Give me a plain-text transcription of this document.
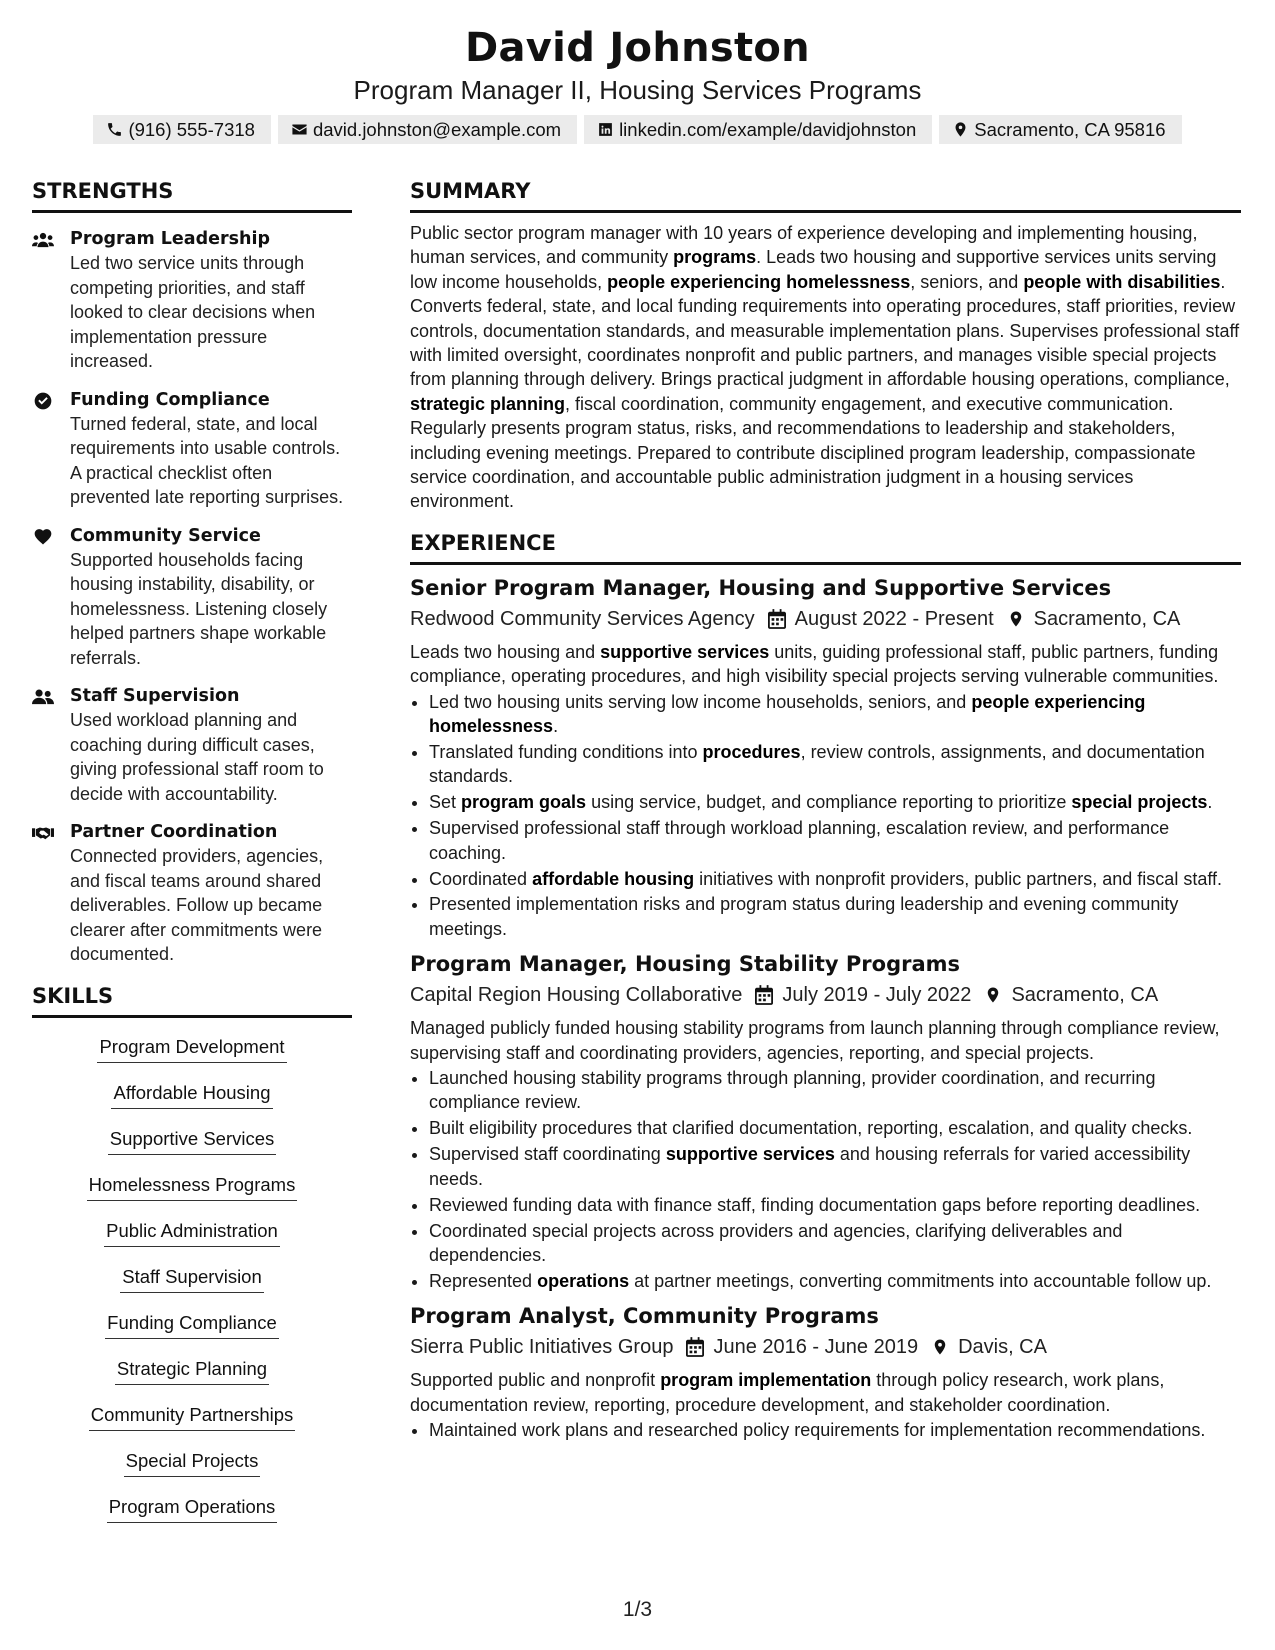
David Johnston
Program Manager II, Housing Services Programs
(916) 555-7318	david.johnston@example.com	linkedin.com/example/davidjohnston	Sacramento, CA 95816
STRENGTHS
Program Leadership
Led two service units through competing priorities, and staff looked to clear decisions when implementation pressure increased.
Funding Compliance
Turned federal, state, and local requirements into usable controls. A practical checklist often prevented late reporting surprises.
Community Service
Supported households facing housing instability, disability, or homelessness. Listening closely helped partners shape workable referrals.
Staff Supervision
Used workload planning and coaching during difficult cases, giving professional staff room to decide with accountability.
Partner Coordination
Connected providers, agencies, and fiscal teams around shared deliverables. Follow up became clearer after commitments were documented.
SKILLS
Program Development
Affordable Housing
Supportive Services
Homelessness Programs
Public Administration
Staff Supervision
Funding Compliance
Strategic Planning
Community Partnerships
Special Projects
Program Operations
SUMMARY
Public sector program manager with 10 years of experience developing and implementing housing, human services, and community programs. Leads two housing and supportive services units serving low income households, people experiencing homelessness, seniors, and people with disabilities. Converts federal, state, and local funding requirements into operating procedures, staff priorities, review controls, documentation standards, and measurable implementation plans. Supervises professional staff with limited oversight, coordinates nonprofit and public partners, and manages visible special projects from planning through delivery. Brings practical judgment in affordable housing operations, compliance, strategic planning, fiscal coordination, community engagement, and executive communication. Regularly presents program status, risks, and recommendations to leadership and stakeholders, including evening meetings. Prepared to contribute disciplined program leadership, compassionate service coordination, and accountable public administration judgment in a housing services environment.
EXPERIENCE
Senior Program Manager, Housing and Supportive Services
Redwood Community Services Agency August 2022 - Present Sacramento, CA
Leads two housing and supportive services units, guiding professional staff, public partners, funding compliance, operating procedures, and high visibility special projects serving vulnerable communities.
• Led two housing units serving low income households, seniors, and people experiencing homelessness.
• Translated funding conditions into procedures, review controls, assignments, and documentation standards.
• Set program goals using service, budget, and compliance reporting to prioritize special projects.
• Supervised professional staff through workload planning, escalation review, and performance coaching.
• Coordinated affordable housing initiatives with nonprofit providers, public partners, and fiscal staff.
• Presented implementation risks and program status during leadership and evening community meetings.
Program Manager, Housing Stability Programs
Capital Region Housing Collaborative July 2019 - July 2022 Sacramento, CA
Managed publicly funded housing stability programs from launch planning through compliance review, supervising staff and coordinating providers, agencies, reporting, and special projects.
• Launched housing stability programs through planning, provider coordination, and recurring compliance review.
• Built eligibility procedures that clarified documentation, reporting, escalation, and quality checks.
• Supervised staff coordinating supportive services and housing referrals for varied accessibility needs.
• Reviewed funding data with finance staff, finding documentation gaps before reporting deadlines.
• Coordinated special projects across providers and agencies, clarifying deliverables and dependencies.
• Represented operations at partner meetings, converting commitments into accountable follow up.
Program Analyst, Community Programs
Sierra Public Initiatives Group June 2016 - June 2019 Davis, CA
Supported public and nonprofit program implementation through policy research, work plans, documentation review, reporting, procedure development, and stakeholder coordination.
• Maintained work plans and researched policy requirements for implementation recommendations.
1/3
